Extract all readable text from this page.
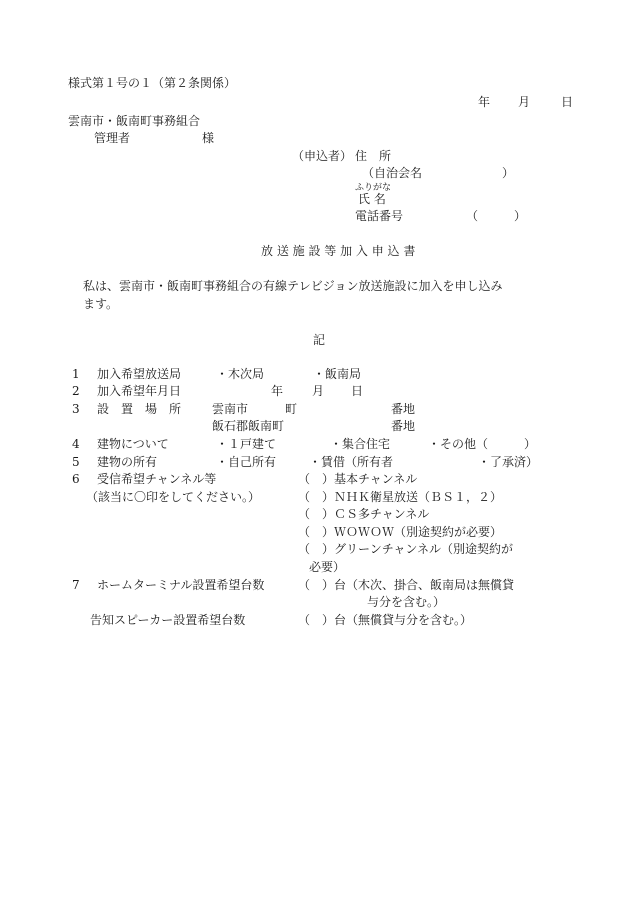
様式第１号の１（第２条関係）
年 月	日
雲南市・飯南町事務組合
管理者	様
（申込者） 住　所
（自治会名	）
ふりがな
氏 名
電話番号	（　　　）
放 送 施 設 等 加 入 申 込 書
私は、雲南市・飯南町事務組合の有線テレビジョン放送施設に加入を申し込み
ます。
記
1 加入希望放送局	・木次局	・飯南局
2 加入希望年月日	年 月 日
3 設　置　場　所	雲南市	町	番地
飯石郡飯南町	番地
4 建物について	・１戸建て	・集合住宅	・その他（　　　）
5 建物の所有	・自己所有	・賃借（所有者	・了承済）
6 受信希望チャンネル等
（該当に〇印をしてください。）
（　）基本チャンネル
（　）ＮＨＫ衛星放送（ＢＳ１，２）
（　）ＣＳ多チャンネル
（　）ＷＯＷＯＷ（別途契約が必要）
（　）グリーンチャンネル（別途契約が
必要）
7 ホームターミナル設置希望台数	（　）台（木次、掛合、飯南局は無償貸
与分を含む。）
告知スピーカー設置希望台数	（　）台（無償貸与分を含む。）
